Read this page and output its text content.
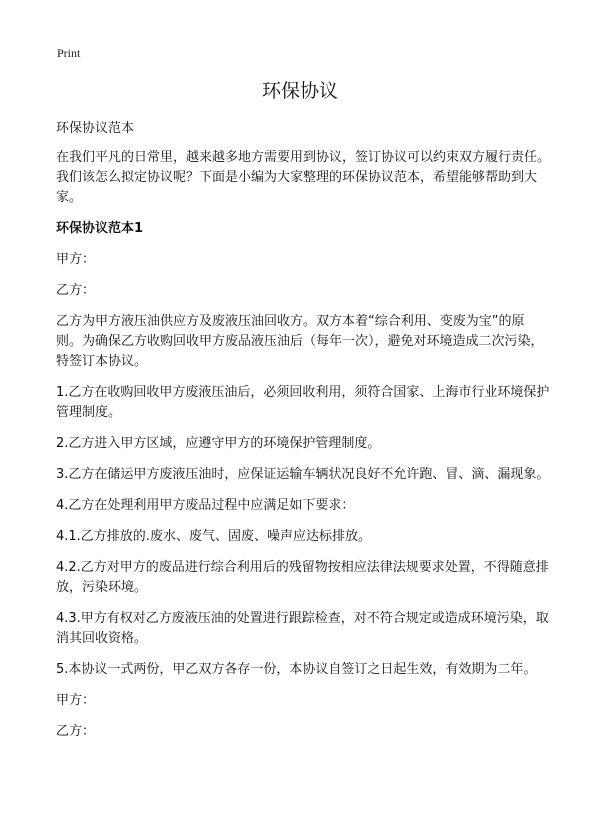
Print
环保协议

环保协议范本

在我们平凡的日常里，越来越多地方需要用到协议，签订协议可以约束双方履行责任。我们该怎么拟定协议呢？下面是小编为大家整理的环保协议范本，希望能够帮助到大家。

环保协议范本1

甲方：

乙方：

乙方为甲方液压油供应方及废液压油回收方。双方本着“综合利用、变废为宝”的原则。为确保乙方收购回收甲方废品液压油后（每年一次），避免对环境造成二次污染，特签订本协议。

1.乙方在收购回收甲方废液压油后，必须回收利用，须符合国家、上海市行业环境保护管理制度。

2.乙方进入甲方区域，应遵守甲方的环境保护管理制度。

3.乙方在储运甲方废液压油时，应保证运输车辆状况良好不允许跑、冒、滴、漏现象。

4.乙方在处理利用甲方废品过程中应满足如下要求：

4.1.乙方排放的.废水、废气、固废、噪声应达标排放。

4.2.乙方对甲方的废品进行综合利用后的残留物按相应法律法规要求处置，不得随意排放，污染环境。

4.3.甲方有权对乙方废液压油的处置进行跟踪检查，对不符合规定或造成环境污染，取消其回收资格。

5.本协议一式两份，甲乙双方各存一份，本协议自签订之日起生效，有效期为二年。

甲方：

乙方：
